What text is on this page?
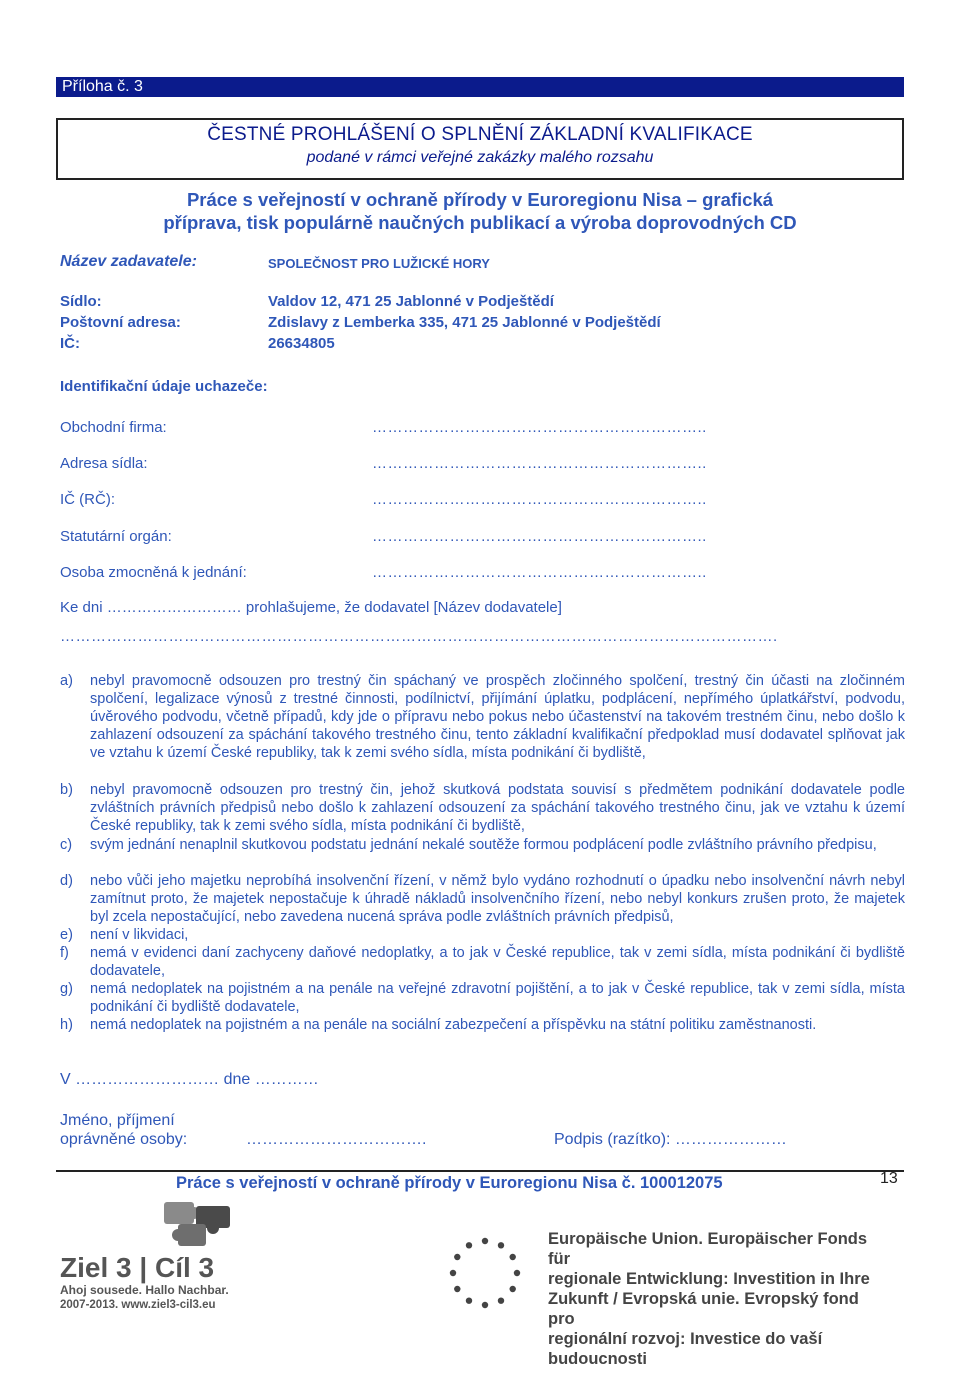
Příloha č. 3
ČESTNÉ PROHLÁŠENÍ O SPLNĚNÍ ZÁKLADNÍ KVALIFIKACE
podané v rámci veřejné zakázky malého rozsahu
Práce s veřejností v ochraně přírody v Euroregionu Nisa – grafická
příprava, tisk populárně naučných publikací a výroba doprovodných CD
Název zadavatele:	SPOLEČNOST PRO LUŽICKÉ HORY
Sídlo:	Valdov 12, 471 25 Jablonné v Podještědí
Poštovní adresa:	Zdislavy z Lemberka 335, 471 25 Jablonné v Podještědí
IČ:	26634805
Identifikační údaje uchazeče:
Obchodní firma:	………………………………………………………..
Adresa sídla:	………………………………………………………..
IČ (RČ):	………………………………………………………..
Statutární orgán:	………………………………………………………..
Osoba zmocněná k jednání:	………………………………………………………..
Ke dni ……………………… prohlašujeme, že dodavatel [Název dodavatele]
………………………………………………………………………………………………………………………….
a) nebyl pravomocně odsouzen pro trestný čin spáchaný ve prospěch zločinného spolčení, trestný čin účasti na zločinném spolčení, legalizace výnosů z trestné činnosti, podílnictví, přijímání úplatku, podplácení, nepřímého úplatkářství, podvodu, úvěrového podvodu, včetně případů, kdy jde o přípravu nebo pokus nebo účastenství na takovém trestném činu, nebo došlo k zahlazení odsouzení za spáchání takového trestného činu, tento základní kvalifikační předpoklad musí dodavatel splňovat jak ve vztahu k území České republiky, tak k zemi svého sídla, místa podnikání či bydliště,
b) nebyl pravomocně odsouzen pro trestný čin, jehož skutková podstata souvisí s předmětem podnikání dodavatele podle zvláštních právních předpisů nebo došlo k zahlazení odsouzení za spáchání takového trestného činu, jak ve vztahu k území České republiky, tak k zemi svého sídla, místa podnikání či bydliště,
c) svým jednání nenaplnil skutkovou podstatu jednání nekalé soutěže formou podplácení podle zvláštního právního předpisu,
d) nebo vůči jeho majetku neprobíhá insolvenční řízení, v němž bylo vydáno rozhodnutí o úpadku nebo insolvenční návrh nebyl zamítnut proto, že majetek nepostačuje k úhradě nákladů insolvenčního řízení, nebo nebyl konkurs zrušen proto, že majetek byl zcela nepostačující, nebo zavedena nucená správa podle zvláštních právních předpisů,
e) není v likvidaci,
f) nemá v evidenci daní zachyceny daňové nedoplatky, a to jak v České republice, tak v zemi sídla, místa podnikání či bydliště dodavatele,
g) nemá nedoplatek na pojistném a na penále na veřejné zdravotní pojištění, a to jak v České republice, tak v zemi sídla, místa podnikání či bydliště dodavatele,
h) nemá nedoplatek na pojistném a na penále na sociální zabezpečení a příspěvku na státní politiku zaměstnanosti.
V ……………………… dne …………
Jméno, příjmení
oprávněné osoby:	…………………………….	Podpis (razítko): …………………
Práce s veřejností v ochraně přírody v Euroregionu Nisa č. 100012075	13
Ziel 3 | Cíl 3
Ahoj sousede. Hallo Nachbar.
2007-2013. www.ziel3-cil3.eu
Europäische Union. Europäischer Fonds für
regionale Entwicklung: Investition in Ihre
Zukunft / Evropská unie. Evropský fond pro
regionální rozvoj: Investice do vaší budoucnosti
